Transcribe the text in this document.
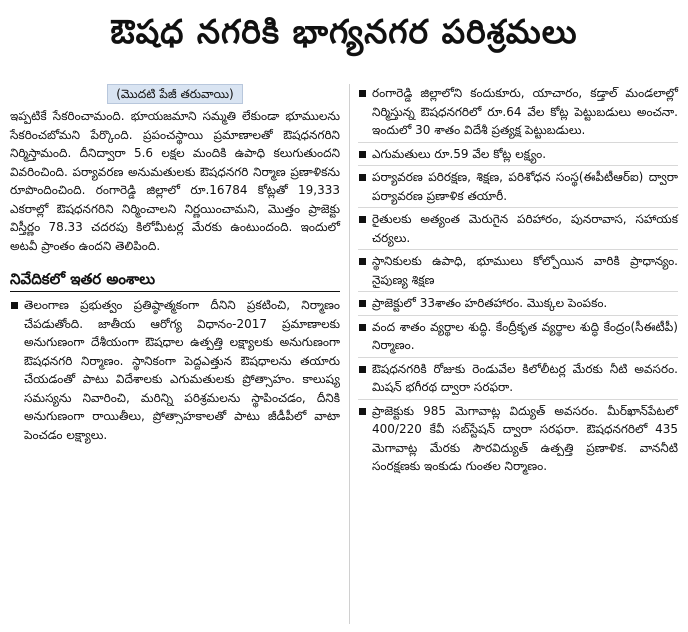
ఔషధ నగరికి భాగ్యనగర పరిశ్రమలు
(మొదటి పేజీ తరువాయి)

ఇప్పటికే సేకరించామంది. భూయజమాని సమ్మతి లేకుండా భూములను సేకరించబోమని పేర్కొంది. ప్రపంచస్థాయి ప్రమాణాలతో ఔషధనగరిని నిర్మిస్తామంది. దీనిద్వారా 5.6 లక్షల మందికి ఉపాధి కలుగుతుందని వివరించింది. పర్యావరణ అనుమతులకు ఔషధనగరి నిర్మాణ ప్రణాళికను రూపొందించింది. రంగారెడ్డి జిల్లాలో రూ.16784 కోట్లతో 19,333 ఎకరాల్లో ఔషధనగరిని నిర్మించాలని నిర్ణయించామని, మొత్తం ప్రాజెక్టు విస్తీర్ణం 78.33 చదరపు కిలోమీటర్ల మేరకు ఉంటుందంది. ఇందులో అటవీ ప్రాంతం ఉందని తెలిపింది.

నివేదికలో ఇతర అంశాలు
తెలంగాణ ప్రభుత్వం ప్రతిష్ఠాత్మకంగా దీనిని ప్రకటించి, నిర్మాణం చేపడుతోంది. జాతీయ ఆరోగ్య విధానం-2017 ప్రమాణాలకు అనుగుణంగా దేశీయంగా ఔషధాల ఉత్పత్తి లక్ష్యాలకు అనుగుణంగా ఔషధనగరి నిర్మాణం. స్థానికంగా పెద్దఎత్తున ఔషధాలను తయారు చేయడంతో పాటు విదేశాలకు ఎగుమతులకు ప్రోత్సాహం. కాలుష్య సమస్యను నివారించి, మరిన్ని పరిశ్రమలను స్థాపించడం, దీనికి అనుగుణంగా రాయితీలు, ప్రోత్సాహకాలతో పాటు జీడీపీలో వాటా పెంచడం లక్ష్యాలు.
రంగారెడ్డి జిల్లాలోని కందుకూరు, యాచారం, కడ్తాల్ మండలాల్లో నిర్మిస్తున్న ఔషధనగరిలో రూ.64 వేల కోట్ల పెట్టుబడులు అంచనా. ఇందులో 30 శాతం విదేశీ ప్రత్యక్ష పెట్టుబడులు.
ఎగుమతులు రూ.59 వేల కోట్ల లక్ష్యం.
పర్యావరణ పరిరక్షణ, శిక్షణ, పరిశోధన సంస్థ(ఈపీటీఆర్ఐ) ద్వారా పర్యావరణ ప్రణాళిక తయారీ.
రైతులకు అత్యంత మెరుగైన పరిహారం, పునరావాస, సహాయక చర్యలు.
స్థానికులకు ఉపాధి, భూములు కోల్పోయిన వారికి ప్రాధాన్యం. నైపుణ్య శిక్షణ
ప్రాజెక్టులో 33శాతం హరితహారం. మొక్కల పెంపకం.
వంద శాతం వ్యర్థాల శుద్ధి. కేంద్రీకృత వ్యర్థాల శుద్ధి కేంద్రం(సీఈటీపీ) నిర్మాణం.
ఔషధనగరికి రోజుకు రెండువేల కిలోలీటర్ల మేరకు నీటి అవసరం. మిషన్ భగీరథ ద్వారా సరఫరా.
ప్రాజెక్టుకు 985 మెగావాట్ల విద్యుత్ అవసరం. మీర్‌ఖాన్‌పేటలో 400/220 కేవీ సబ్‌స్టేషన్ ద్వారా సరఫరా. ఔషధనగరిలో 435 మెగావాట్ల మేరకు సౌరవిద్యుత్ ఉత్పత్తి ప్రణాళిక. వాననీటి సంరక్షణకు ఇంకుడు గుంతల నిర్మాణం.
